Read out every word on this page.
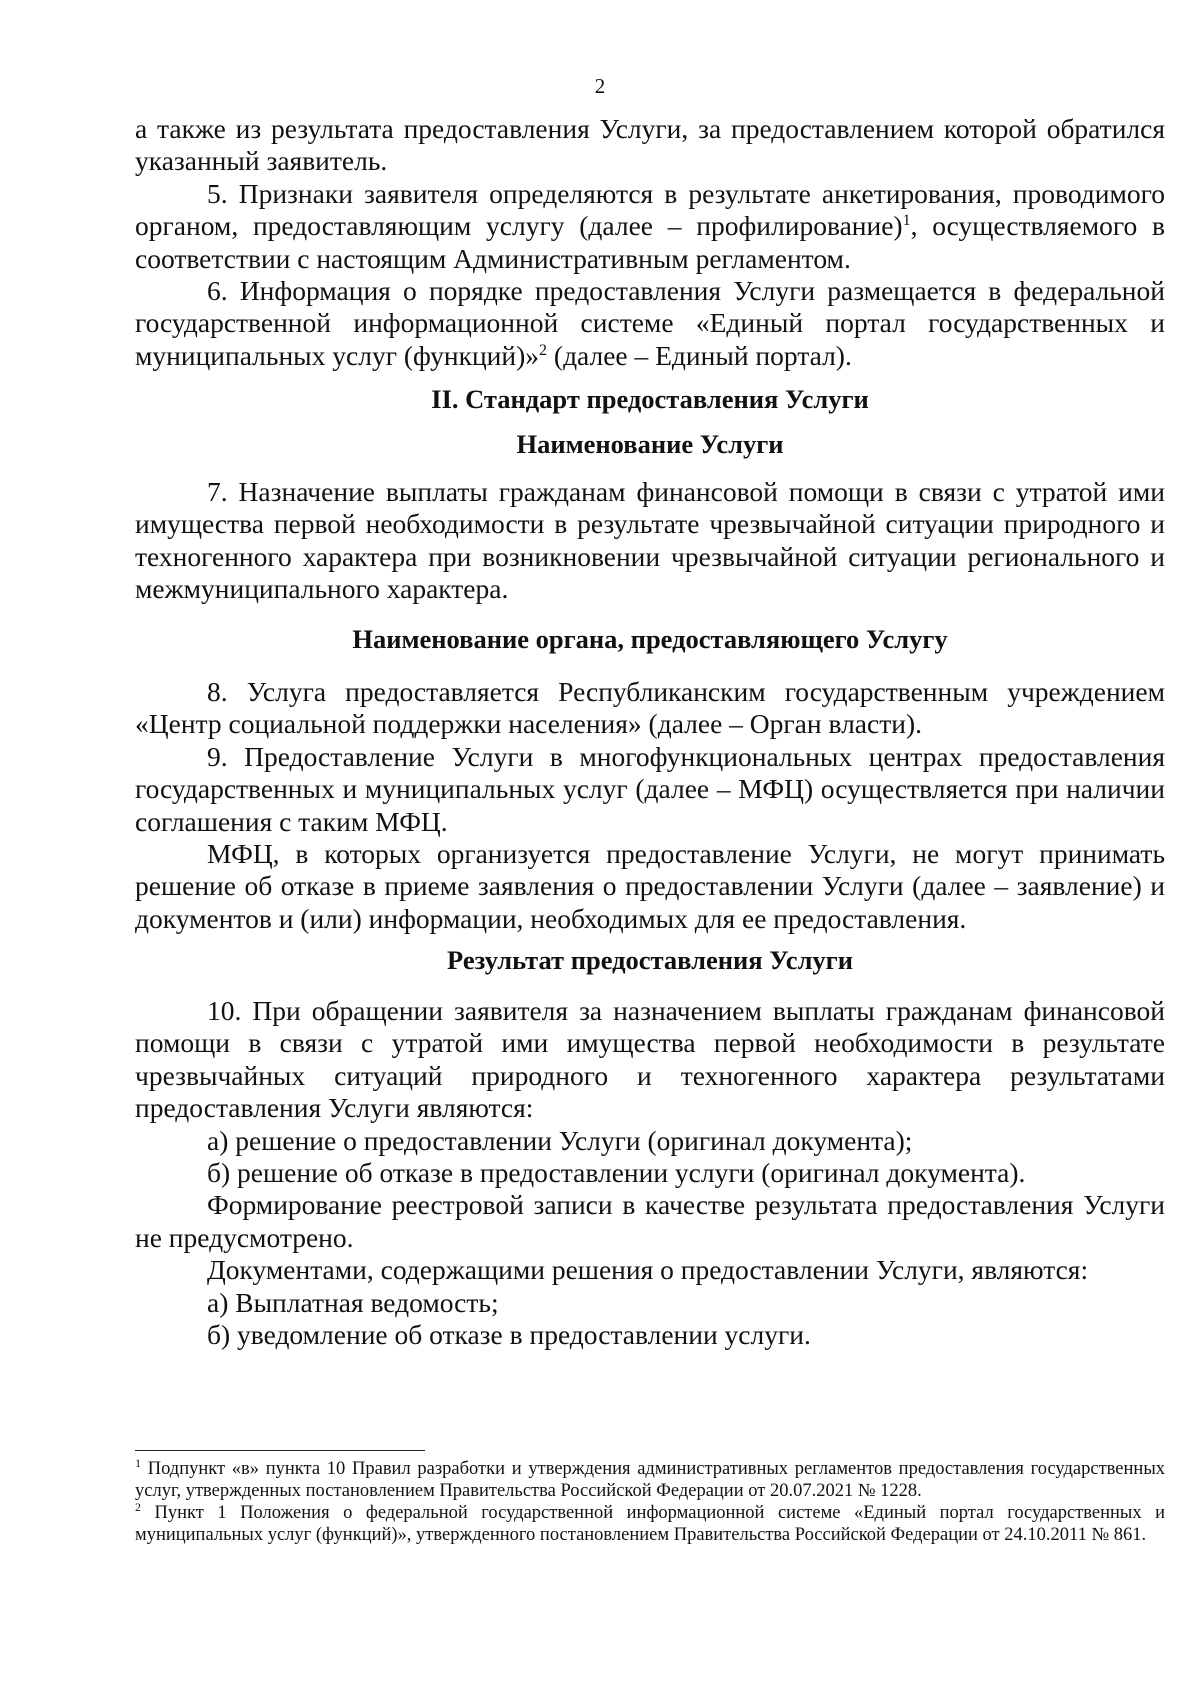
2

а также из результата предоставления Услуги, за предоставлением которой обратился указанный заявитель.

5. Признаки заявителя определяются в результате анкетирования, проводимого органом, предоставляющим услугу (далее – профилирование)$^1$, осуществляемого в соответствии с настоящим Административным регламентом.

6. Информация о порядке предоставления Услуги размещается в федеральной государственной информационной системе «Единый портал государственных и муниципальных услуг (функций)»$^2$ (далее – Единый портал).

II. Стандарт предоставления Услуги
Наименование Услуги

7. Назначение выплаты гражданам финансовой помощи в связи с утратой ими имущества первой необходимости в результате чрезвычайной ситуации природного и техногенного характера при возникновении чрезвычайной ситуации регионального и межмуниципального характера.

Наименование органа, предоставляющего Услугу

8. Услуга предоставляется Республиканским государственным учреждением «Центр социальной поддержки населения» (далее – Орган власти).

9. Предоставление Услуги в многофункциональных центрах предоставления государственных и муниципальных услуг (далее – МФЦ) осуществляется при наличии соглашения с таким МФЦ.

МФЦ, в которых организуется предоставление Услуги, не могут принимать решение об отказе в приеме заявления о предоставлении Услуги (далее – заявление) и документов и (или) информации, необходимых для ее предоставления.

Результат предоставления Услуги

10. При обращении заявителя за назначением выплаты гражданам финансовой помощи в связи с утратой ими имущества первой необходимости в результате чрезвычайных ситуаций природного и техногенного характера результатами предоставления Услуги являются:

а) решение о предоставлении Услуги (оригинал документа);

б) решение об отказе в предоставлении услуги (оригинал документа).

Формирование реестровой записи в качестве результата предоставления Услуги не предусмотрено.

Документами, содержащими решения о предоставлении Услуги, являются:

а) Выплатная ведомость;

б) уведомление об отказе в предоставлении услуги.

$^1$ Подпункт «в» пункта 10 Правил разработки и утверждения административных регламентов предоставления государственных услуг, утвержденных постановлением Правительства Российской Федерации от 20.07.2021 № 1228.

$^2$ Пункт 1 Положения о федеральной государственной информационной системе «Единый портал государственных и муниципальных услуг (функций)», утвержденного постановлением Правительства Российской Федерации от 24.10.2011 № 861.
